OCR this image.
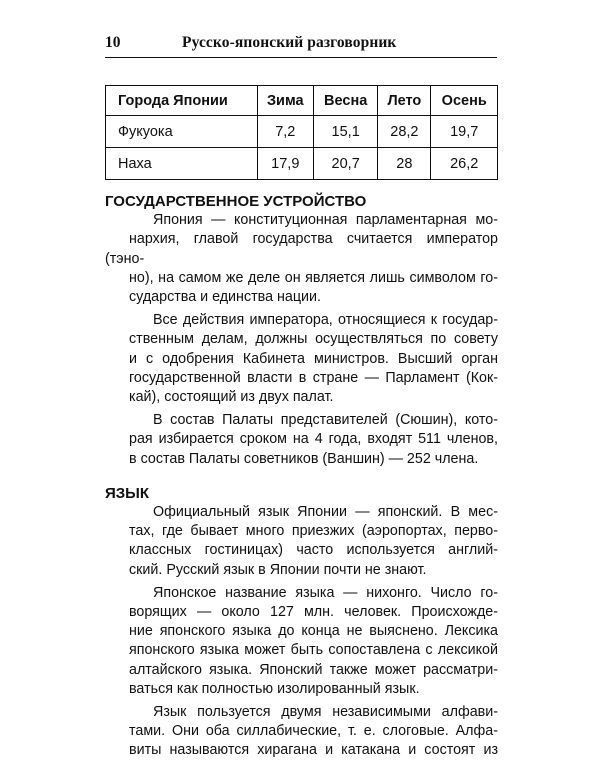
10	Русско-японский разговорник
Города Японии	Зима	Весна	Лето	Осень
Фукуока	7,2	15,1	28,2	19,7
Наха	17,9	20,7	28	26,2
ГОСУДАРСТВЕННОЕ УСТРОЙСТВО

Япония — конституционная парламентарная мо-
нархия, главой государства считается император (тэно-
но), на самом же деле он является лишь символом го-
сударства и единства нации.

Все действия императора, относящиеся к государ-
ственным делам, должны осуществляться по совету
и с одобрения Кабинета министров. Высший орган
государственной власти в стране — Парламент (Кок-
кай), состоящий из двух палат.

В состав Палаты представителей (Сюшин), кото-
рая избирается сроком на 4 года, входят 511 членов,
в состав Палаты советников (Ваншин) — 252 члена.

ЯЗЫК

Официальный язык Японии — японский. В мес-
тах, где бывает много приезжих (аэропортах, перво-
классных гостиницах) часто используется англий-
ский. Русский язык в Японии почти не знают.

Японское название языка — нихонго. Число го-
ворящих — около 127 млн. человек. Происхожде-
ние японского языка до конца не выяснено. Лексика
японского языка может быть сопоставлена с лексикой
алтайского языка. Японский также может рассматри-
ваться как полностью изолированный язык.

Язык пользуется двумя независимыми алфави-
тами. Они оба силлабические, т. е. слоговые. Алфа-
виты называются хирагана и катакана и состоят из
